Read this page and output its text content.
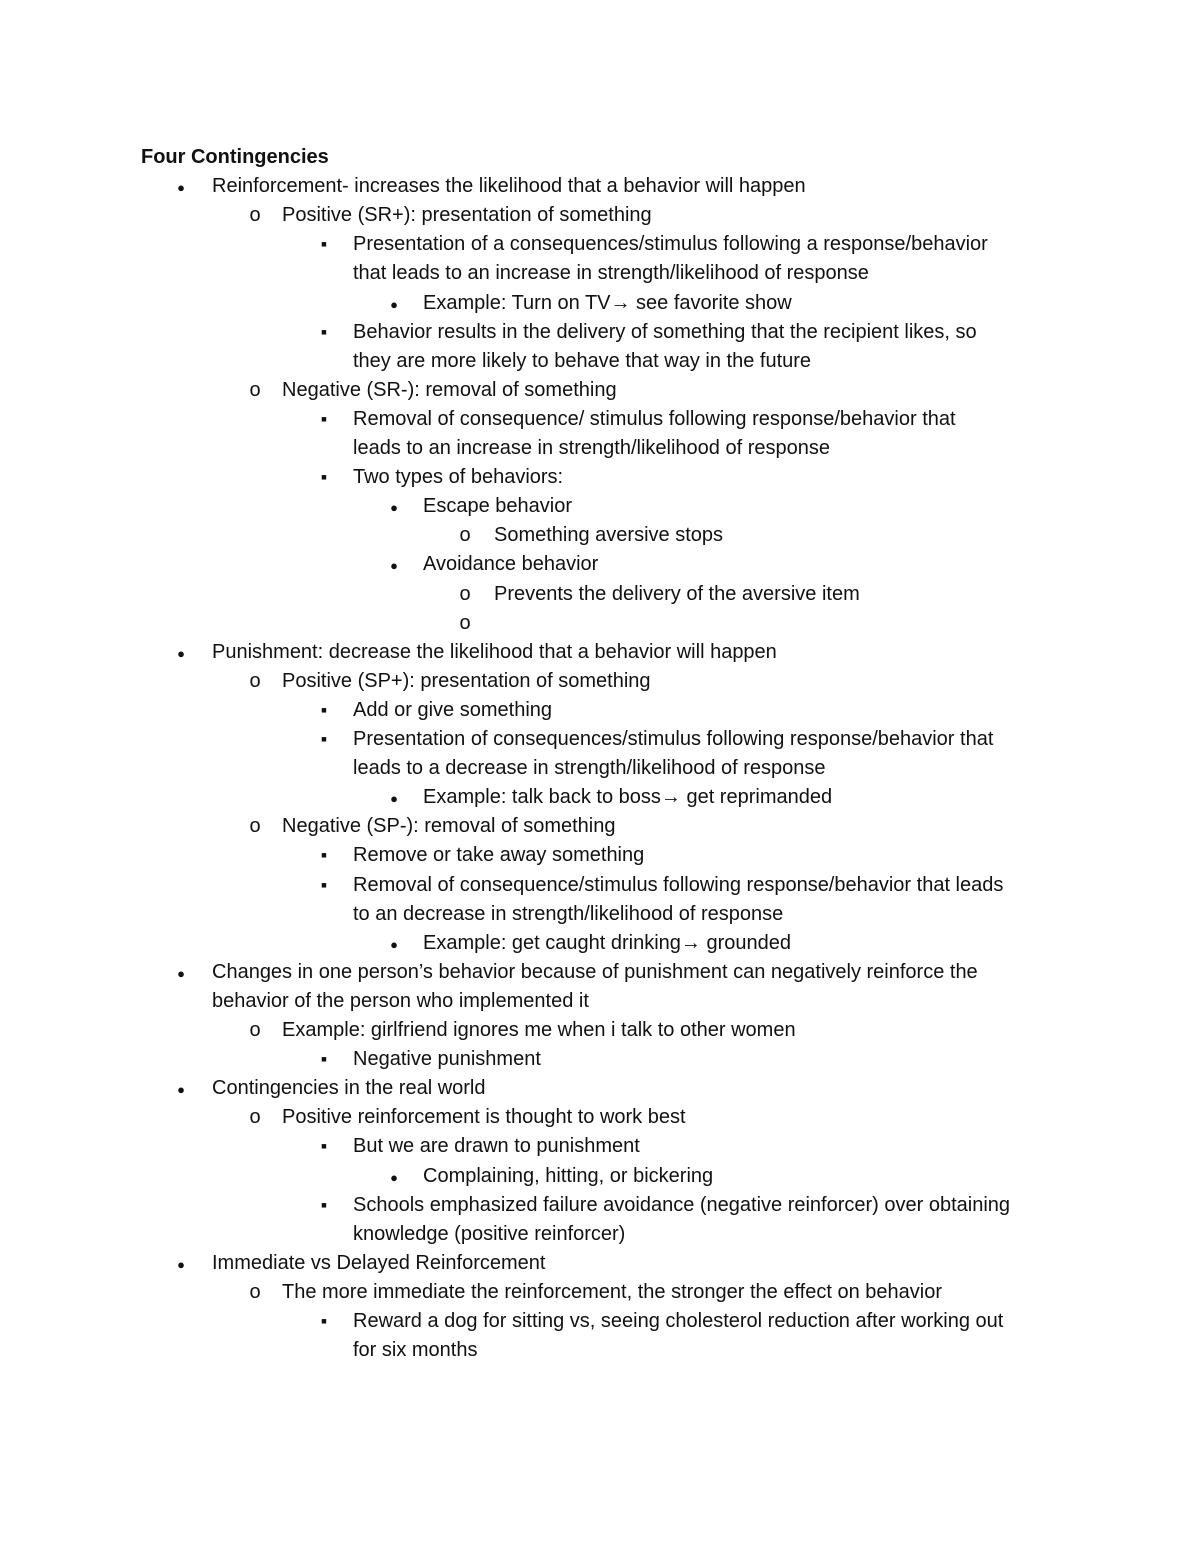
Four Contingencies
●
Reinforcement- increases the likelihood that a behavior will happen
o
Positive (SR+): presentation of something
▪
Presentation of a consequences/stimulus following a response/behavior
that leads to an increase in strength/likelihood of response
●
Example: Turn on TV→ see favorite show
▪
Behavior results in the delivery of something that the recipient likes, so
they are more likely to behave that way in the future
o
Negative (SR-): removal of something
▪
Removal of consequence/ stimulus following response/behavior that
leads to an increase in strength/likelihood of response
▪
Two types of behaviors:
●
Escape behavior
o
Something aversive stops
●
Avoidance behavior
o
Prevents the delivery of the aversive item
o
●
Punishment: decrease the likelihood that a behavior will happen
o
Positive (SP+): presentation of something
▪
Add or give something
▪
Presentation of consequences/stimulus following response/behavior that
leads to a decrease in strength/likelihood of response
●
Example: talk back to boss→ get reprimanded
o
Negative (SP-): removal of something
▪
Remove or take away something
▪
Removal of consequence/stimulus following response/behavior that leads
to an decrease in strength/likelihood of response
●
Example: get caught drinking→ grounded
●
Changes in one person’s behavior because of punishment can negatively reinforce the
behavior of the person who implemented it
o
Example: girlfriend ignores me when i talk to other women
▪
Negative punishment
●
Contingencies in the real world
o
Positive reinforcement is thought to work best
▪
But we are drawn to punishment
●
Complaining, hitting, or bickering
▪
Schools emphasized failure avoidance (negative reinforcer) over obtaining
knowledge (positive reinforcer)
●
Immediate vs Delayed Reinforcement
o
The more immediate the reinforcement, the stronger the effect on behavior
▪
Reward a dog for sitting vs, seeing cholesterol reduction after working out
for six months
